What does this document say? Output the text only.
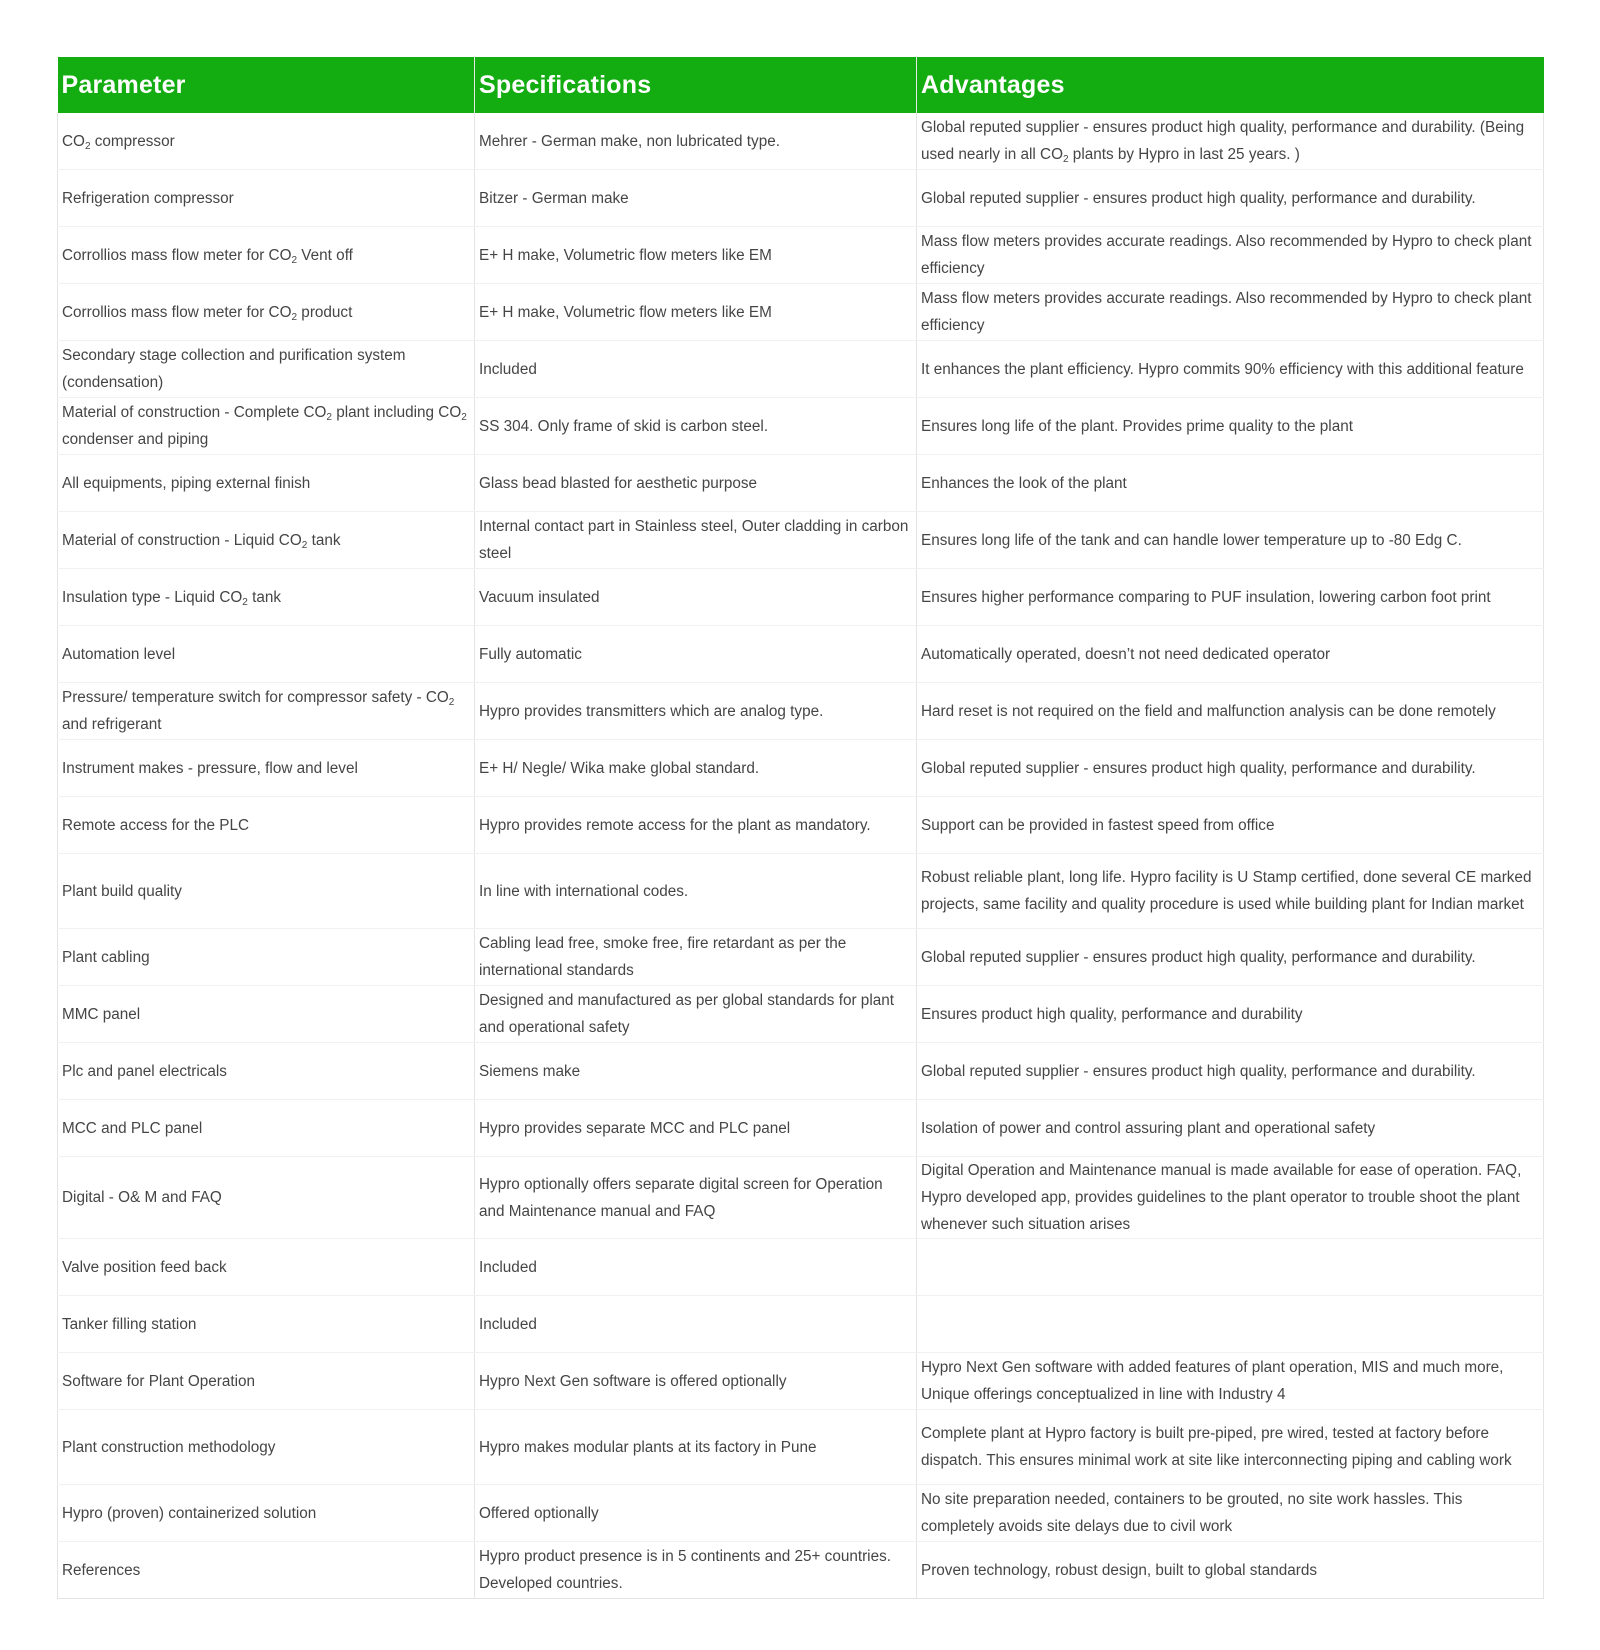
Parameter	Specifications	Advantages
$CO_2$ compressor	Mehrer - German make, non lubricated type.	Global reputed supplier - ensures product high quality, performance and durability. (Being used nearly in all $CO_2$ plants by Hypro in last 25 years. )
Refrigeration compressor	Bitzer - German make	Global reputed supplier - ensures product high quality, performance and durability.
Corrollios mass flow meter for $CO_2$ Vent off	E+ H make, Volumetric flow meters like EM	Mass flow meters provides accurate readings. Also recommended by Hypro to check plant efficiency
Corrollios mass flow meter for $CO_2$ product	E+ H make, Volumetric flow meters like EM	Mass flow meters provides accurate readings. Also recommended by Hypro to check plant efficiency
Secondary stage collection and purification system (condensation)	Included	It enhances the plant efficiency. Hypro commits 90% efficiency with this additional feature
Material of construction - Complete $CO_2$ plant including $CO_2$ condenser and piping	SS 304. Only frame of skid is carbon steel.	Ensures long life of the plant. Provides prime quality to the plant
All equipments, piping external finish	Glass bead blasted for aesthetic purpose	Enhances the look of the plant
Material of construction - Liquid $CO_2$ tank	Internal contact part in Stainless steel, Outer cladding in carbon steel	Ensures long life of the tank and can handle lower temperature up to -80 Edg C.
Insulation type - Liquid $CO_2$ tank	Vacuum insulated	Ensures higher performance comparing to PUF insulation, lowering carbon foot print
Automation level	Fully automatic	Automatically operated, doesn’t not need dedicated operator
Pressure/ temperature switch for compressor safety - $CO_2$ and refrigerant	Hypro provides transmitters which are analog type.	Hard reset is not required on the field and malfunction analysis can be done remotely
Instrument makes - pressure, flow and level	E+ H/ Negle/ Wika make global standard.	Global reputed supplier - ensures product high quality, performance and durability.
Remote access for the PLC	Hypro provides remote access for the plant as mandatory.	Support can be provided in fastest speed from office
Plant build quality	In line with international codes.	Robust reliable plant, long life. Hypro facility is U Stamp certified, done several CE marked projects, same facility and quality procedure is used while building plant for Indian market
Plant cabling	Cabling lead free, smoke free, fire retardant as per the international standards	Global reputed supplier - ensures product high quality, performance and durability.
MMC panel	Designed and manufactured as per global standards for plant and operational safety	Ensures product high quality, performance and durability
Plc and panel electricals	Siemens make	Global reputed supplier - ensures product high quality, performance and durability.
MCC and PLC panel	Hypro provides separate MCC and PLC panel	Isolation of power and control assuring plant and operational safety
Digital - O& M and FAQ	Hypro optionally offers separate digital screen for Operation and Maintenance manual and FAQ	Digital Operation and Maintenance manual is made available for ease of operation. FAQ, Hypro developed app, provides guidelines to the plant operator to trouble shoot the plant whenever such situation arises
Valve position feed back	Included	
Tanker filling station	Included	
Software for Plant Operation	Hypro Next Gen software is offered optionally	Hypro Next Gen software with added features of plant operation, MIS and much more, Unique offerings conceptualized in line with Industry 4
Plant construction methodology	Hypro makes modular plants at its factory in Pune	Complete plant at Hypro factory is built pre-piped, pre wired, tested at factory before dispatch. This ensures minimal work at site like interconnecting piping and cabling work
Hypro (proven) containerized solution	Offered optionally	No site preparation needed, containers to be grouted, no site work hassles. This completely avoids site delays due to civil work
References	Hypro product presence is in 5 continents and 25+ countries. Developed countries.	Proven technology, robust design, built to global standards
